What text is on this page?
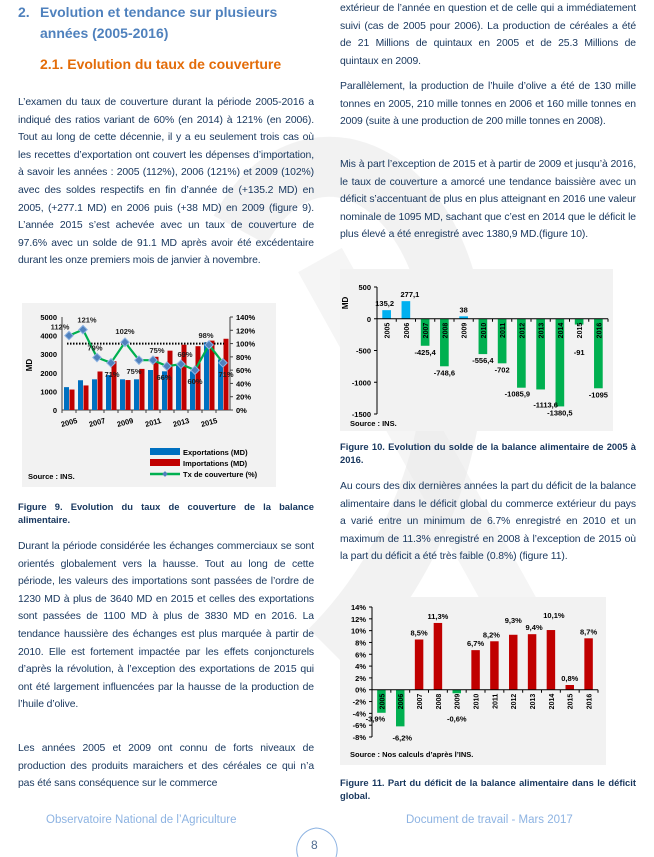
2. Evolution et tendance sur plusieurs années (2005-2016)
2.1. Evolution du taux de couverture
L’examen du taux de couverture durant la période 2005-2016 a indiqué des ratios variant de 60% (en 2014) à 121% (en 2006). Tout au long de cette décennie, il y a eu seulement trois cas où les recettes d’exportation ont couvert les dépenses d’importation, à savoir les années : 2005 (112%), 2006 (121%) et 2009 (102%) avec des soldes respectifs en fin d’année de (+135.2 MD) en 2005, (+277.1 MD) en 2006 puis (+38 MD) en 2009 (figure 9). L’année 2015 s’est achevée avec un taux de couverture de 97.6% avec un solde de 91.1 MD après avoir été excédentaire durant les onze premiers mois de janvier à novembre.
0
1000
2000
3000
4000
5000
0%
20%
40%
60%
80%
100%
120%
140%
MD
2005 2007 2009 2011 2013 2015
112%
121%
79%
71%
102%
75%
75%
66%
69%
60%
98%
71%
Exportations (MD)
Importations (MD)
Tx de couverture (%)
Source : INS.
Figure 9. Evolution du taux de couverture de la balance alimentaire.
Durant la période considérée les échanges commerciaux se sont orientés globalement vers la hausse. Tout au long de cette période, les valeurs des importations sont passées de l’ordre de 1230 MD à plus de 3640 MD en 2015 et celles des exportations sont passées de 1100 MD à plus de 3830 MD en 2016. La tendance haussière des échanges est plus marquée à partir de 2010. Elle est fortement impactée par les effets conjoncturels d’après la révolution, à l’exception des exportations de 2015 qui ont été largement influencées par la hausse de la production de l’huile d’olive.
Les années 2005 et 2009 ont connu de forts niveaux de production des produits maraichers et des céréales ce qui n’a pas été sans conséquence sur le commerce
extérieur de l’année en question et de celle qui a immédiatement suivi (cas de 2005 pour 2006). La production de céréales a été de 21 Millions de quintaux en 2005 et de 25.3 Millions de quintaux en 2009.
Parallèlement, la production de l’huile d’olive a été de 130 mille tonnes en 2005, 210 mille tonnes en 2006 et 160 mille tonnes en 2009 (suite à une production de 200 mille tonnes en 2008).
Mis à part l’exception de 2015 et à partir de 2009 et jusqu’à 2016, le taux de couverture a amorcé une tendance baissière avec un déficit s’accentuant de plus en plus atteignant en 2016 une valeur nominale de 1095 MD, sachant que c’est en 2014 que le déficit le plus élevé a été enregistré avec 1380,9 MD.(figure 10).
-1500
-1000
-500
0
500
MD
2005 2006 2007 2008 2009 2010 2011 2012 2013 2014 2015 2016
135,2
277,1
-425,4
-748,6
38
-556,4
-702
-1085,9
-1113,6
-1380,5
-91
-1095
Source : INS.
Figure 10. Evolution du solde de la balance alimentaire de 2005 à 2016.
Au cours des dix dernières années la part du déficit de la balance alimentaire dans le déficit global du commerce extérieur du pays a varié entre un minimum de 6.7% enregistré en 2010 et un maximum de 11.3% enregistré en 2008 à l’exception de 2015 où la part du déficit a été très faible (0.8%) (figure 11).
-8%
-6%
-4%
-2%
0%
2%
4%
6%
8%
10%
12%
14%
2005 2006 2007 2008 2009 2010 2011 2012 2013 2014 2015 2016
-3,9%
-6,2%
8,5%
11,3%
-0,6%
6,7%
8,2%
9,3%
9,4%
10,1%
0,8%
8,7%
Source : Nos calculs d’après l’INS.
Figure 11. Part du déficit de la balance alimentaire dans le déficit global.
Observatoire National de l’Agriculture	Document de travail - Mars 2017
8
